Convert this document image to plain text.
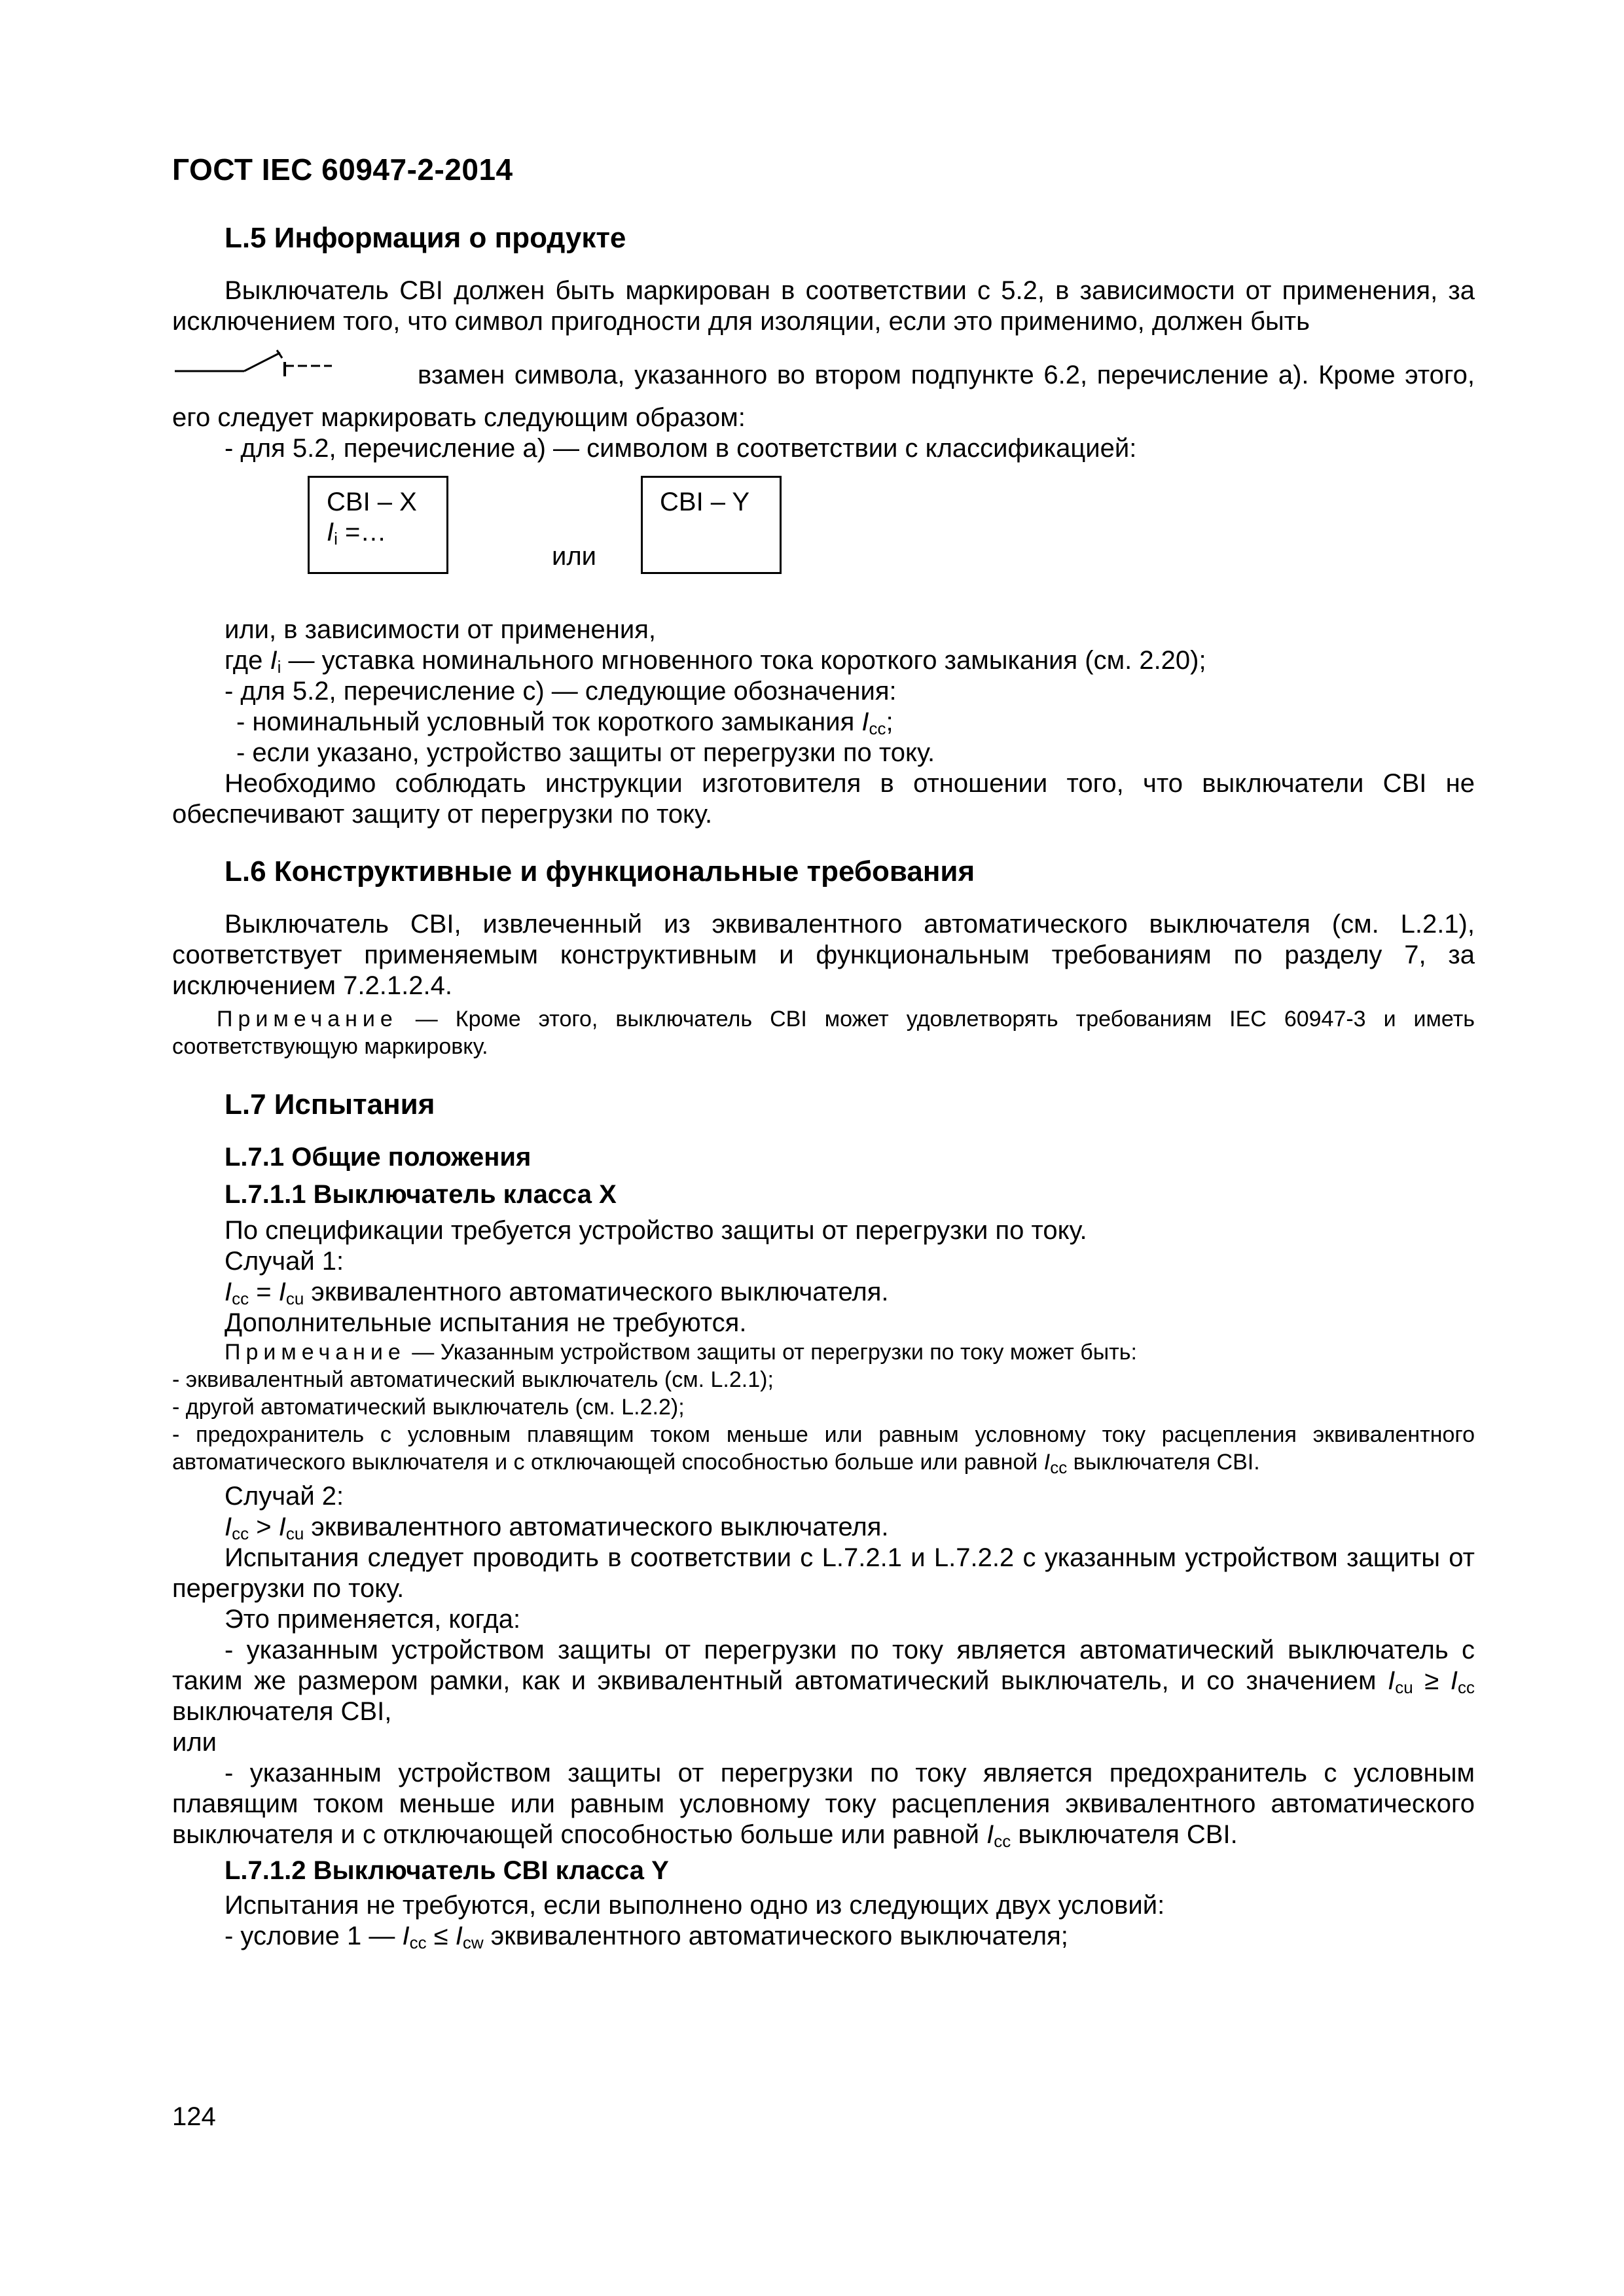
ГОСТ IEC 60947-2-2014

L.5 Информация о продукте

Выключатель CBI должен быть маркирован в соответствии с 5.2, в зависимости от применения, за исключением того, что символ пригодности для изоляции, если это применимо, должен быть

взамен символа, указанного во втором подпункте 6.2, перечисление а). Кроме этого,

его следует маркировать следующим образом:

- для 5.2, перечисление а) — символом в соответствии с классификацией:

CBI – X
$I_i$ =…
или
CBI – Y

или, в зависимости от применения,

где $I_i$ — уставка номинального мгновенного тока короткого замыкания (см. 2.20);

- для 5.2, перечисление с) — следующие обозначения:

- номинальный условный ток короткого замыкания $I_{cc}$;

- если указано, устройство защиты от перегрузки по току.

Необходимо соблюдать инструкции изготовителя в отношении того, что выключатели CBI не обеспечивают защиту от перегрузки по току.

L.6 Конструктивные и функциональные требования

Выключатель CBI, извлеченный из эквивалентного автоматического выключателя (см. L.2.1), соответствует применяемым конструктивным и функциональным требованиям по разделу 7, за исключением 7.2.1.2.4.

Примечание — Кроме этого, выключатель CBI может удовлетворять требованиям IEC 60947-3 и иметь соответствующую маркировку.

L.7 Испытания

L.7.1 Общие положения

L.7.1.1 Выключатель класса X

По спецификации требуется устройство защиты от перегрузки по току.

Случай 1:

$I_{cc} = I_{cu}$ эквивалентного автоматического выключателя.

Дополнительные испытания не требуются.

Примечание — Указанным устройством защиты от перегрузки по току может быть:

- эквивалентный автоматический выключатель (см. L.2.1);

- другой автоматический выключатель (см. L.2.2);

- предохранитель с условным плавящим током меньше или равным условному току расцепления эквивалентного автоматического выключателя и с отключающей способностью больше или равной $I_{cc}$ выключателя CBI.

Случай 2:

$I_{cc} > I_{cu}$ эквивалентного автоматического выключателя.

Испытания следует проводить в соответствии с L.7.2.1 и L.7.2.2 с указанным устройством защиты от перегрузки по току.

Это применяется, когда:

- указанным устройством защиты от перегрузки по току является автоматический выключатель с таким же размером рамки, как и эквивалентный автоматический выключатель, и со значением $I_{cu} \ge I_{cc}$ выключателя CBI,

или

- указанным устройством защиты от перегрузки по току является предохранитель с условным плавящим током меньше или равным условному току расцепления эквивалентного автоматического выключателя и с отключающей способностью больше или равной $I_{cc}$ выключателя CBI.

L.7.1.2 Выключатель CBI класса Y

Испытания не требуются, если выполнено одно из следующих двух условий:

- условие 1 — $I_{cc} \le I_{cw}$ эквивалентного автоматического выключателя;

124
